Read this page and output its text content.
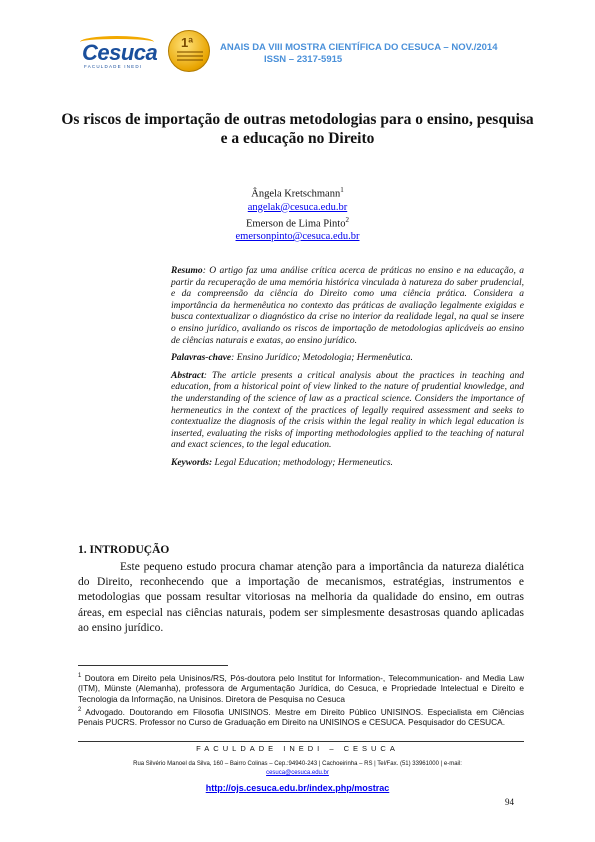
Cesuca
FACULDADE INEDI
1ª	ANAIS DA VIII MOSTRA CIENTÍFICA DO CESUCA – NOV./2014
ISSN – 2317-5915
Os riscos de importação de outras metodologias para o ensino, pesquisa e a educação no Direito
Ângela Kretschmann$^1$
angelak@cesuca.edu.br
Emerson de Lima Pinto$^2$
emersonpinto@cesuca.edu.br

Resumo: O artigo faz uma análise crítica acerca de práticas no ensino e na educação, a partir da recuperação de uma memória histórica vinculada à natureza do saber prudencial, e da compreensão da ciência do Direito como uma ciência prática. Considera a importância da hermenêutica no contexto das práticas de avaliação legalmente exigidas e busca contextualizar o diagnóstico da crise no interior da realidade legal, na qual se insere o ensino jurídico, avaliando os riscos de importação de metodologias aplicáveis ao ensino de ciências naturais e exatas, ao ensino jurídico.

Palavras-chave: Ensino Jurídico; Metodologia; Hermenêutica.

Abstract: The article presents a critical analysis about the practices in teaching and education, from a historical point of view linked to the nature of prudential knowledge, and the understanding of the science of law as a practical science. Considers the importance of hermeneutics in the context of the practices of legally required assessment and seeks to contextualize the diagnosis of the crisis within the legal reality in which legal education is inserted, evaluating the risks of importing methodologies applied to the teaching of natural and exact sciences, to the legal education.

Keywords: Legal Education; methodology; Hermeneutics.

1. INTRODUÇÃO

Este pequeno estudo procura chamar atenção para a importância da natureza dialética do Direito, reconhecendo que a importação de mecanismos, estratégias, instrumentos e metodologias que possam resultar vitoriosas na melhoria da qualidade do ensino, em outras áreas, em especial nas ciências naturais, podem ser simplesmente desastrosas quando aplicadas ao ensino jurídico.

$^1$ Doutora em Direito pela Unisinos/RS, Pós-doutora pelo Institut for Information-, Telecommunication- and Media Law (ITM), Münste (Alemanha), professora de Argumentação Jurídica, do Cesuca, e Propriedade Intelectual e Direito e Tecnologia da Informação, na Unisinos. Diretora de Pesquisa no Cesuca

$^2$ Advogado. Doutorando em Filosofia UNISINOS. Mestre em Direito Público UNISINOS. Especialista em Ciências Penais PUCRS. Professor no Curso de Graduação em Direito na UNISINOS e CESUCA. Pesquisador do CESUCA.

FACULDADE INEDI – CESUCA
Rua Silvério Manoel da Silva, 160 – Bairro Colinas – Cep.:94940-243 | Cachoeirinha – RS | Tel/Fax. (51) 33961000 | e-mail:
cesuca@cesuca.edu.br
http://ojs.cesuca.edu.br/index.php/mostrac
94
